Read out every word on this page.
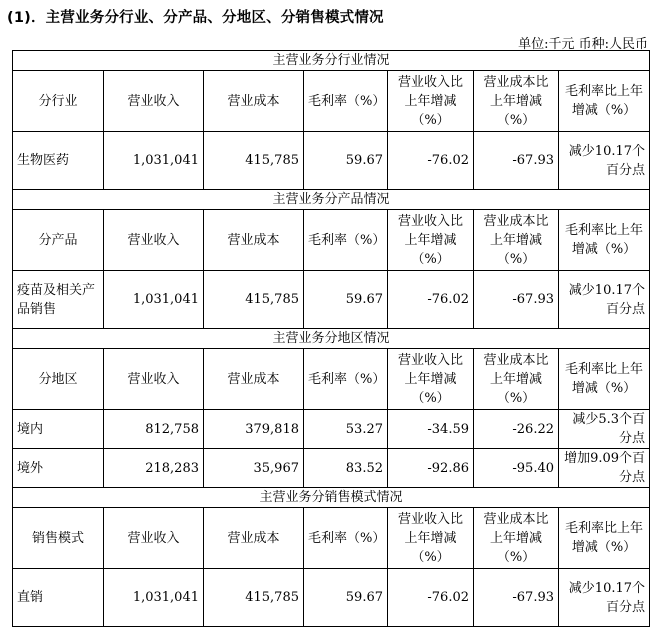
(1)．主营业务分行业、分产品、分地区、分销售模式情况
单位:千元 币种:人民币
主营业务分行业情况						
分行业	营业收入	营业成本	毛利率（%）	营业收入比上年增减（%）	营业成本比上年增减（%）	毛利率比上年增减（%）
生物医药	1,031,041	415,785	59.67	-76.02	-67.93	减少10.17个百分点
主营业务分产品情况						
分产品	营业收入	营业成本	毛利率（%）	营业收入比上年增减（%）	营业成本比上年增减（%）	毛利率比上年增减（%）
疫苗及相关产品销售	1,031,041	415,785	59.67	-76.02	-67.93	减少10.17个百分点
主营业务分地区情况						
分地区	营业收入	营业成本	毛利率（%）	营业收入比上年增减（%）	营业成本比上年增减（%）	毛利率比上年增减（%）
境内	812,758	379,818	53.27	-34.59	-26.22	减少5.3个百分点
境外	218,283	35,967	83.52	-92.86	-95.40	增加9.09个百分点
主营业务分销售模式情况						
销售模式	营业收入	营业成本	毛利率（%）	营业收入比上年增减（%）	营业成本比上年增减（%）	毛利率比上年增减（%）
直销	1,031,041	415,785	59.67	-76.02	-67.93	减少10.17个百分点
